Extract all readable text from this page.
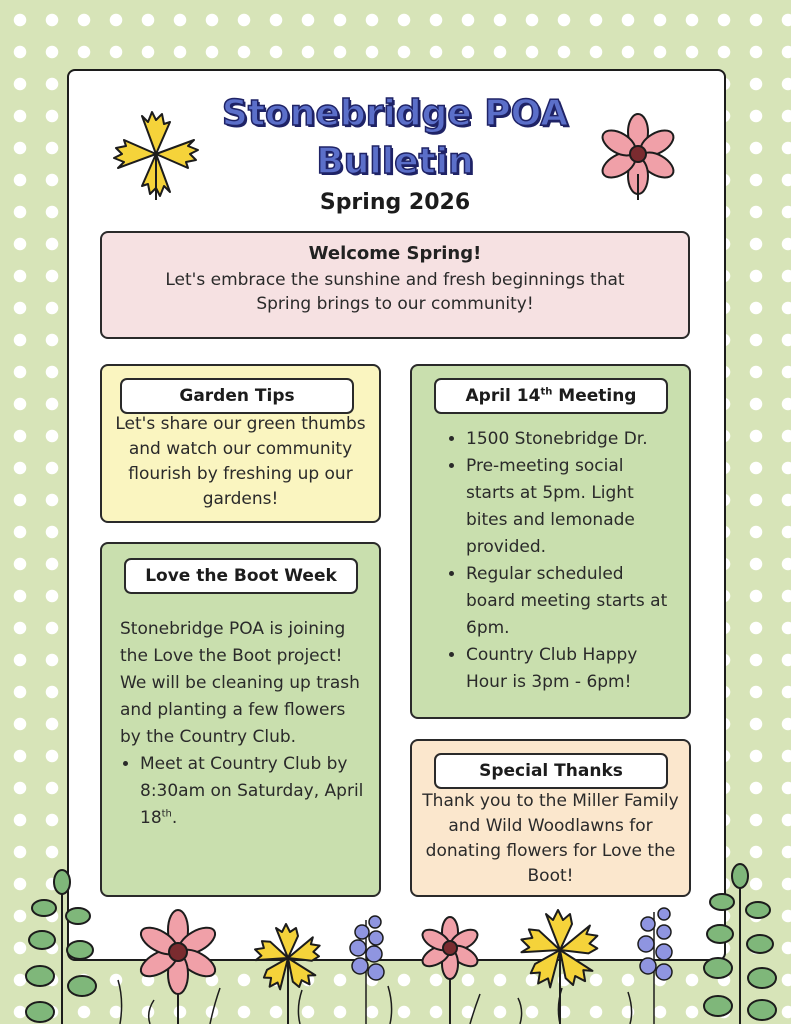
Stonebridge POA
Bulletin
Spring 2026
Welcome Spring!

Let's embrace the sunshine and fresh beginnings that Spring brings to our community!

Garden Tips
Let's share our green thumbs and watch our community flourish by freshing up our gardens!
April 14th Meeting
• 1500 Stonebridge Dr.
• Pre-meeting social starts at 5pm. Light bites and lemonade provided.
• Regular scheduled board meeting starts at 6pm.
• Country Club Happy Hour is 3pm - 6pm!
Love the Boot Week
Stonebridge POA is joining the Love the Boot project! We will be cleaning up trash and planting a few flowers by the Country Club.
• Meet at Country Club by 8:30am on Saturday, April 18th.
Special Thanks
Thank you to the Miller Family and Wild Woodlawns for donating flowers for Love the Boot!
